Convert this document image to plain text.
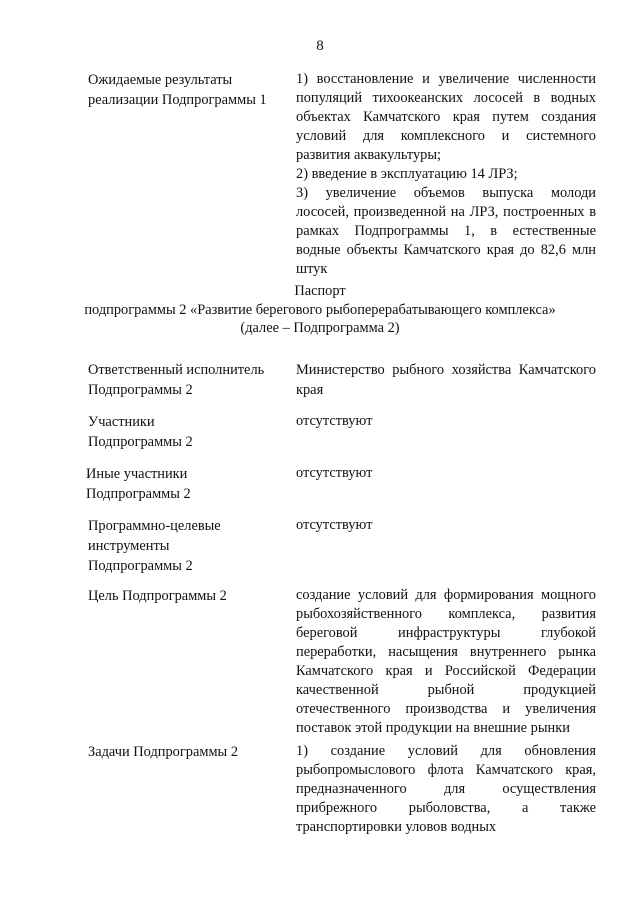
8
Ожидаемые результаты
реализации Подпрограммы 1

1) восстановление и увеличение численности популяций тихоокеанских лососей в водных объектах Камчатского края путем создания условий для комплексного и системного развития аквакультуры;

2) введение в эксплуатацию 14 ЛРЗ;

3) увеличение объемов выпуска молоди лососей, произведенной на ЛРЗ, построенных в рамках Подпрограммы 1, в естественные водные объекты Камчатского края до 82,6 млн штук

Паспорт
подпрограммы 2 «Развитие берегового рыбоперерабатывающего комплекса»
(далее – Подпрограмма 2)
Ответственный исполнитель
Подпрограммы 2
Министерство рыбного хозяйства Камчатского края
Участники
Подпрограммы 2
отсутствуют
Иные участники
Подпрограммы 2
отсутствуют
Программно-целевые
инструменты
Подпрограммы 2
отсутствуют
Цель Подпрограммы 2	создание условий для формирования мощного рыбохозяйственного комплекса, развития береговой инфраструктуры глубокой переработки, насыщения внутреннего рынка Камчатского края и Российской Федерации качественной рыбной продукцией отечественного производства и увеличения поставок этой продукции на внешние рынки
Задачи Подпрограммы 2	1) создание условий для обновления рыбопромыслового флота Камчатского края, предназначенного для осуществления прибрежного рыболовства, а также транспортировки уловов водных
